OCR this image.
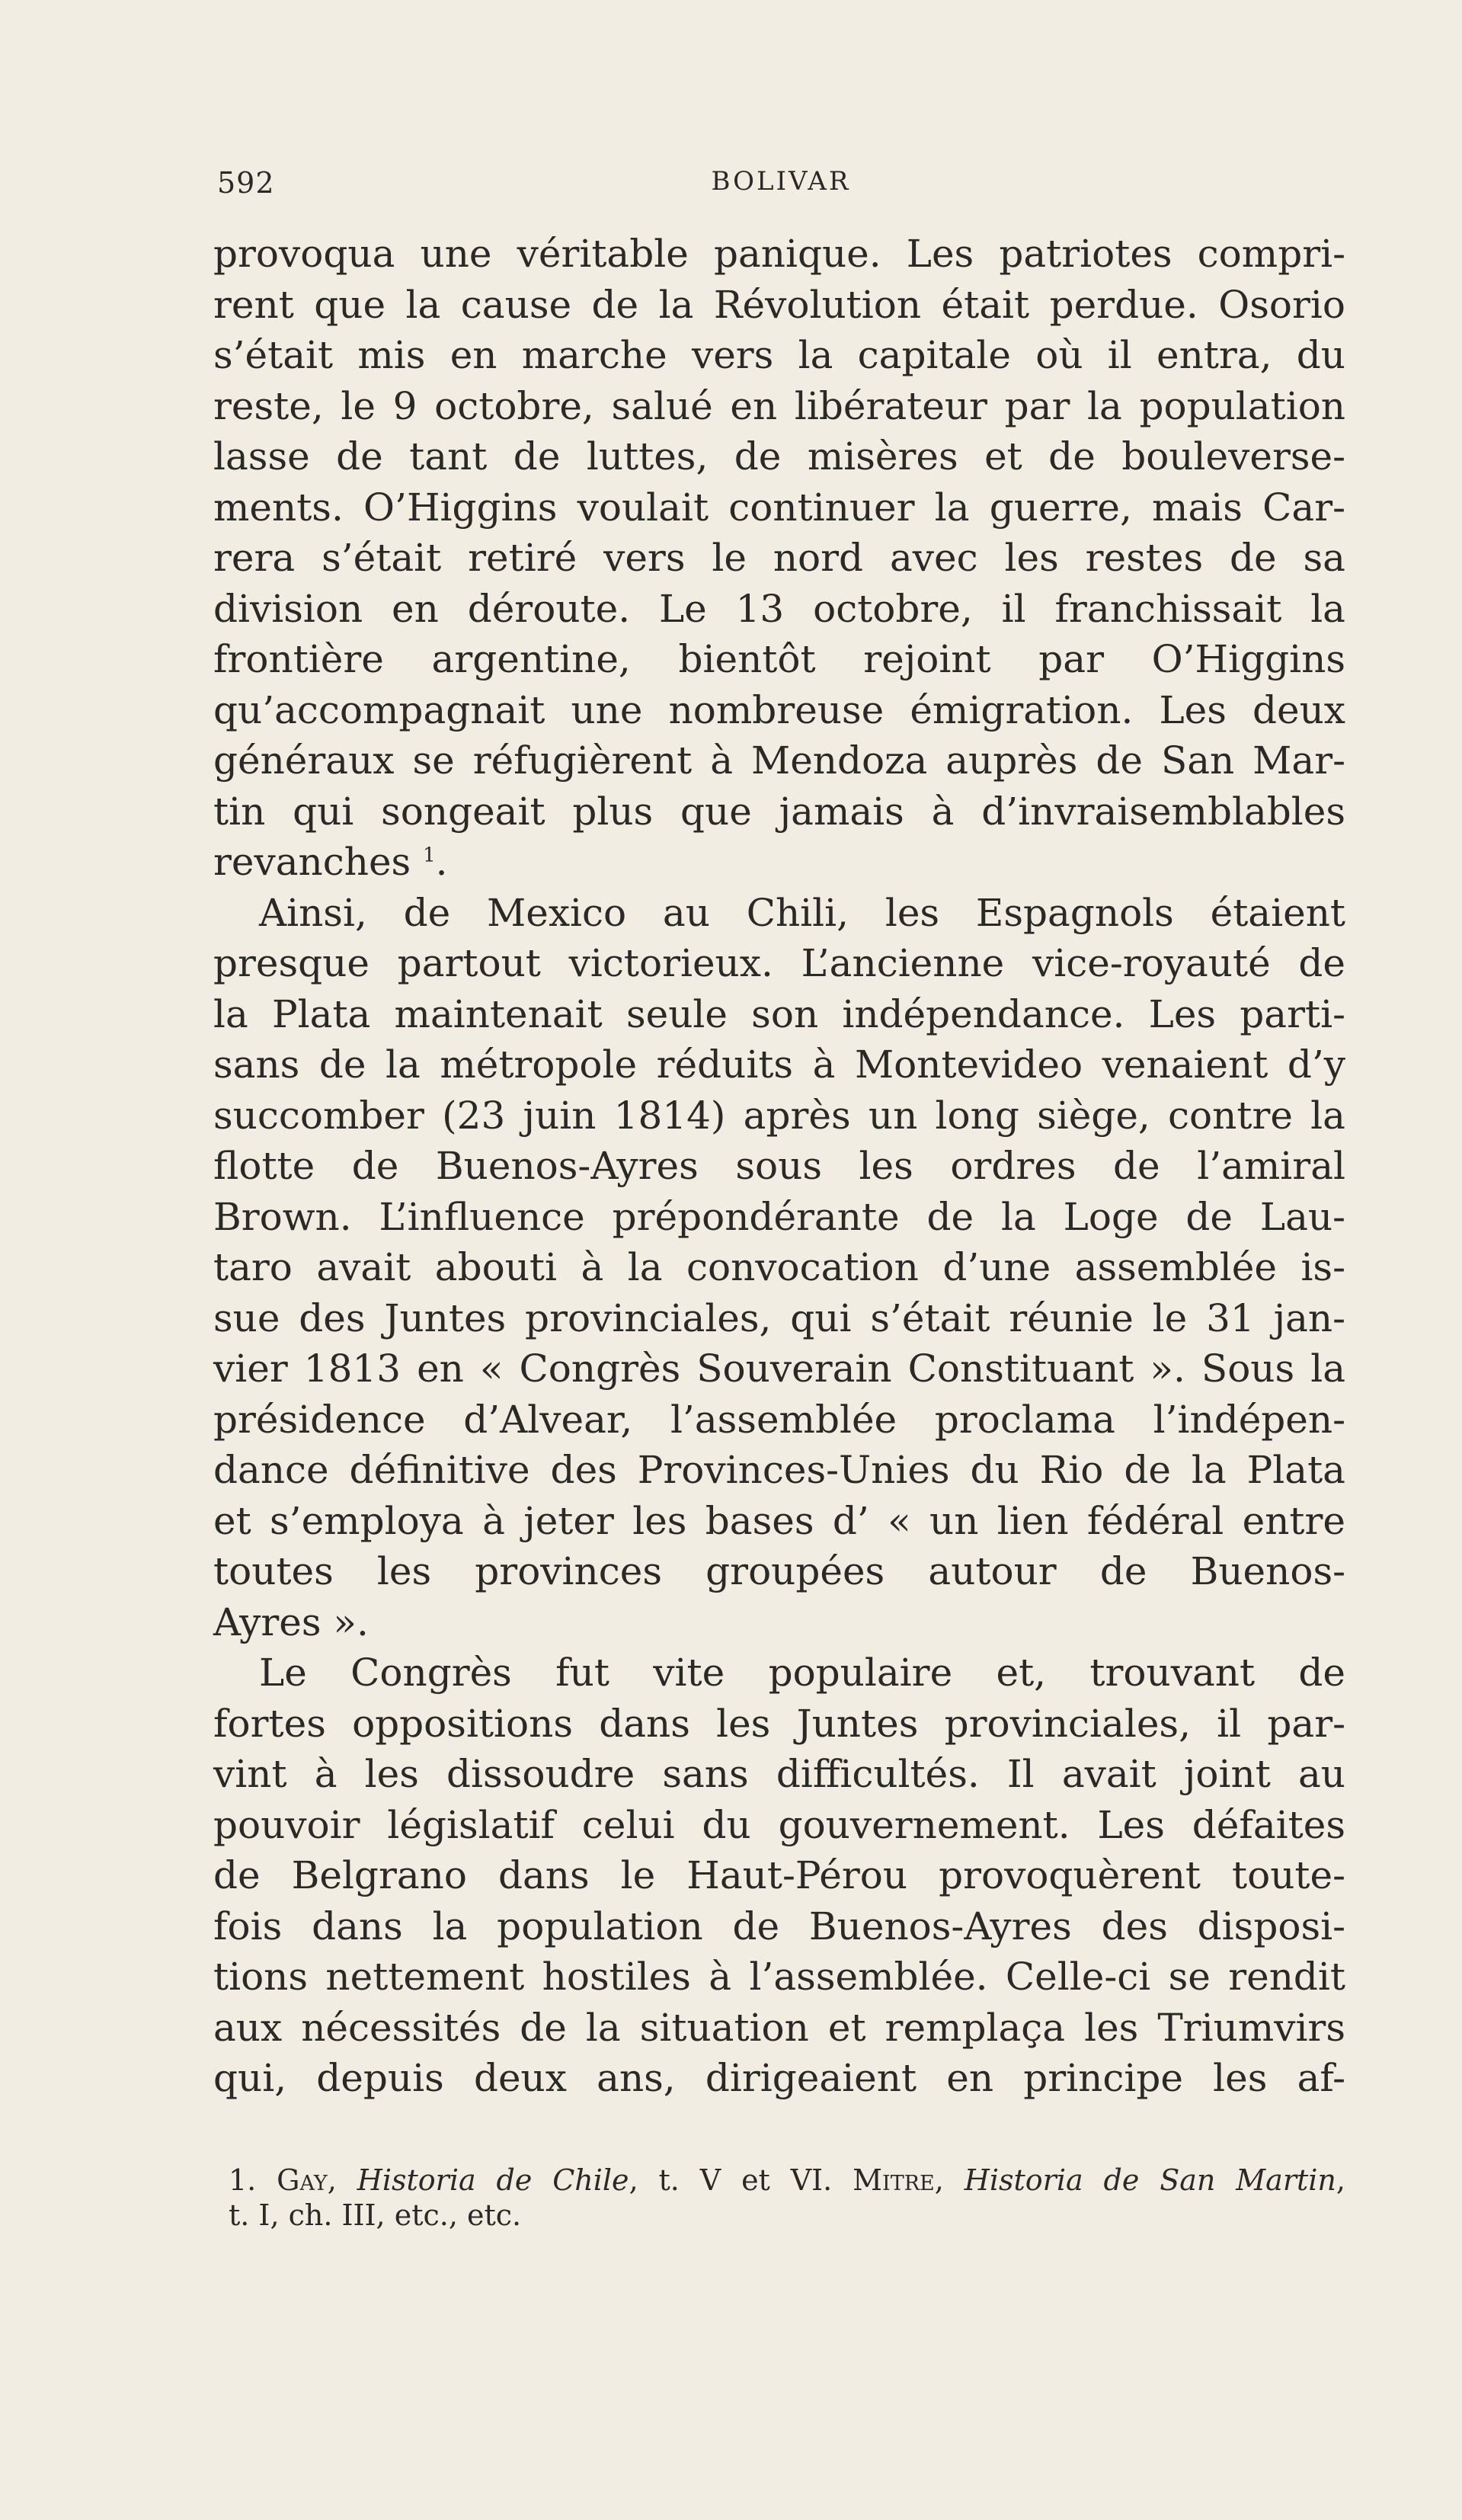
592	BOLIVAR
provoqua une véritable panique. Les patriotes compri-
rent que la cause de la Révolution était perdue. Osorio
s’était mis en marche vers la capitale où il entra, du
reste, le 9 octobre, salué en libérateur par la population
lasse de tant de luttes, de misères et de bouleverse-
ments. O’Higgins voulait continuer la guerre, mais Car-
rera s’était retiré vers le nord avec les restes de sa
division en déroute. Le 13 octobre, il franchissait la
frontière argentine, bientôt rejoint par O’Higgins
qu’accompagnait une nombreuse émigration. Les deux
généraux se réfugièrent à Mendoza auprès de San Mar-
tin qui songeait plus que jamais à d’invraisemblables
revanches $^1$.
Ainsi, de Mexico au Chili, les Espagnols étaient
presque partout victorieux. L’ancienne vice-royauté de
la Plata maintenait seule son indépendance. Les parti-
sans de la métropole réduits à Montevideo venaient d’y
succomber (23 juin 1814) après un long siège, contre la
flotte de Buenos-Ayres sous les ordres de l’amiral
Brown. L’influence prépondérante de la Loge de Lau-
taro avait abouti à la convocation d’une assemblée is-
sue des Juntes provinciales, qui s’était réunie le 31 jan-
vier 1813 en « Congrès Souverain Constituant ». Sous la
présidence d’Alvear, l’assemblée proclama l’indépen-
dance définitive des Provinces-Unies du Rio de la Plata
et s’employa à jeter les bases d’ « un lien fédéral entre
toutes les provinces groupées autour de Buenos-
Ayres ».
Le Congrès fut vite populaire et, trouvant de
fortes oppositions dans les Juntes provinciales, il par-
vint à les dissoudre sans difficultés. Il avait joint au
pouvoir législatif celui du gouvernement. Les défaites
de Belgrano dans le Haut-Pérou provoquèrent toute-
fois dans la population de Buenos-Ayres des disposi-
tions nettement hostiles à l’assemblée. Celle-ci se rendit
aux nécessités de la situation et remplaça les Triumvirs
qui, depuis deux ans, dirigeaient en principe les af-
1. Gay, Historia de Chile, t. V et VI. Mitre, Historia de San Martin,
t. I, ch. III, etc., etc.
